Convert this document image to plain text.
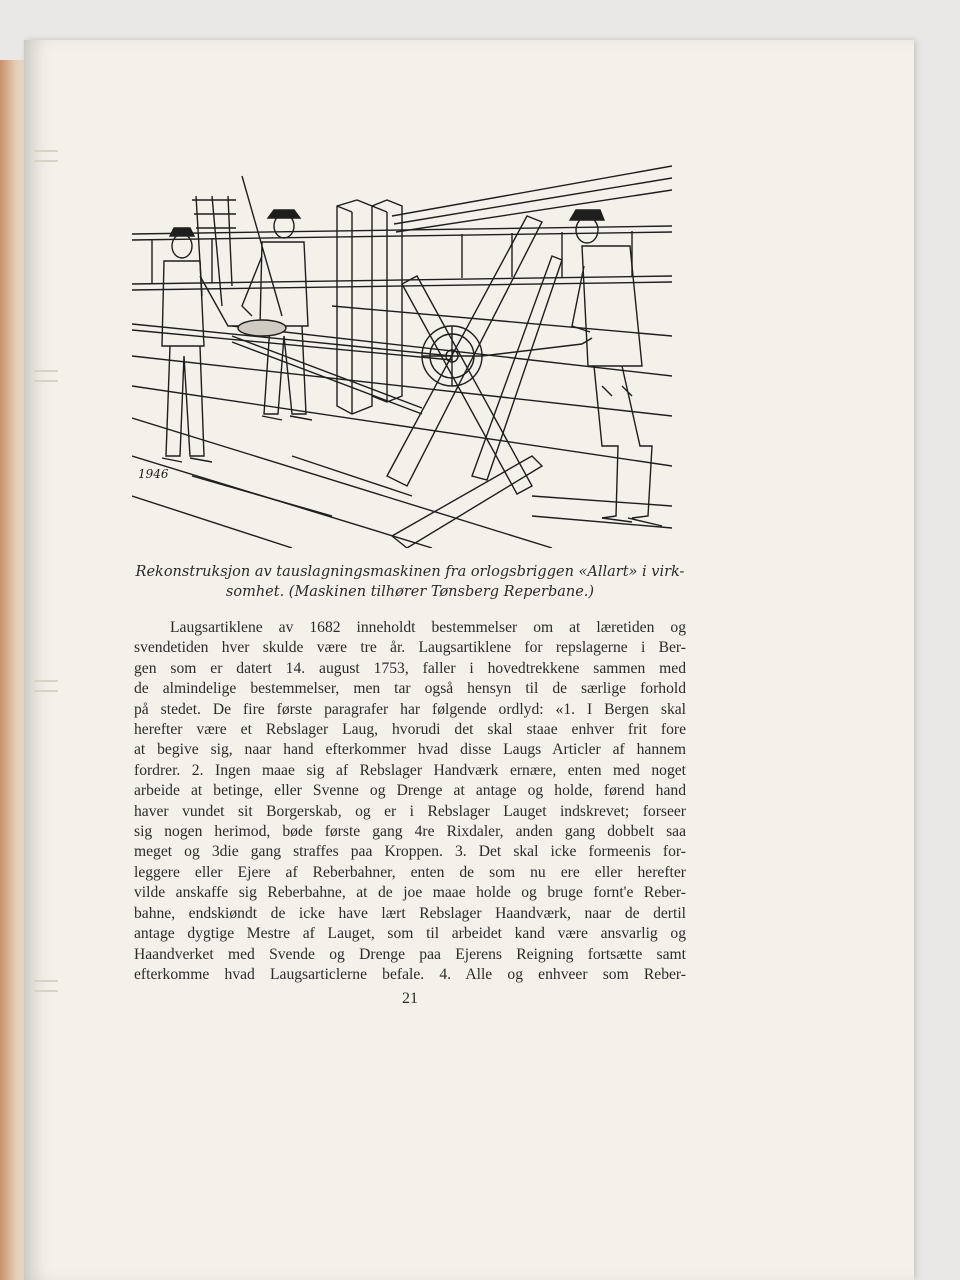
1946
Rekonstruksjon av tauslagningsmaskinen fra orlogsbriggen «Allart» i virk-
somhet. (Maskinen tilhører Tønsberg Reperbane.)
Laugsartiklene av 1682 inneholdt bestemmelser om at læretiden og
svendetiden hver skulde være tre år. Laugsartiklene for repslagerne i Ber-
gen som er datert 14. august 1753, faller i hovedtrekkene sammen med
de almindelige bestemmelser, men tar også hensyn til de særlige forhold
på stedet. De fire første paragrafer har følgende ordlyd: «1. I Bergen skal
herefter være et Rebslager Laug, hvorudi det skal staae enhver frit fore
at begive sig, naar hand efterkommer hvad disse Laugs Articler af hannem
fordrer. 2. Ingen maae sig af Rebslager Handværk ernære, enten med noget
arbeide at betinge, eller Svenne og Drenge at antage og holde, førend hand
haver vundet sit Borgerskab, og er i Rebslager Lauget indskrevet; forseer
sig nogen herimod, bøde første gang 4re Rixdaler, anden gang dobbelt saa
meget og 3die gang straffes paa Kroppen. 3. Det skal icke formeenis for-
leggere eller Ejere af Reberbahner, enten de som nu ere eller herefter
vilde anskaffe sig Reberbahne, at de joe maae holde og bruge fornt'e Reber-
bahne, endskiøndt de icke have lært Rebslager Haandværk, naar de dertil
antage dygtige Mestre af Lauget, som til arbeidet kand være ansvarlig og
Haandverket med Svende og Drenge paa Ejerens Reigning fortsætte samt
efterkomme hvad Laugsarticlerne befale. 4. Alle og enhveer som Reber-
21
